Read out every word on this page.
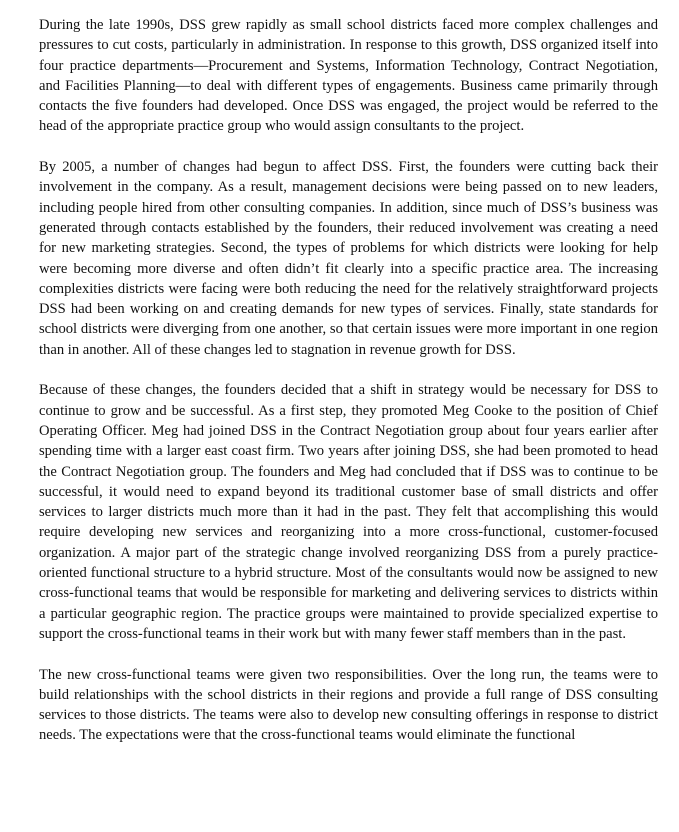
During the late 1990s, DSS grew rapidly as small school districts faced more complex challenges and pressures to cut costs, particularly in administration. In response to this growth, DSS organized itself into four practice departments—Procurement and Systems, Information Technology, Contract Negotiation, and Facilities Planning—to deal with different types of engagements. Business came primarily through contacts the five founders had developed. Once DSS was engaged, the project would be referred to the head of the appropriate practice group who would assign consultants to the project.

By 2005, a number of changes had begun to affect DSS. First, the founders were cutting back their involvement in the company. As a result, management decisions were being passed on to new leaders, including people hired from other consulting companies. In addition, since much of DSS’s business was generated through contacts established by the founders, their reduced involvement was creating a need for new marketing strategies. Second, the types of problems for which districts were looking for help were becoming more diverse and often didn’t fit clearly into a specific practice area. The increasing complexities districts were facing were both reducing the need for the relatively straightforward projects DSS had been working on and creating demands for new types of services. Finally, state standards for school districts were diverging from one another, so that certain issues were more important in one region than in another. All of these changes led to stagnation in revenue growth for DSS.

Because of these changes, the founders decided that a shift in strategy would be necessary for DSS to continue to grow and be successful. As a first step, they promoted Meg Cooke to the position of Chief Operating Officer. Meg had joined DSS in the Contract Negotiation group about four years earlier after spending time with a larger east coast firm. Two years after joining DSS, she had been promoted to head the Contract Negotiation group. The founders and Meg had concluded that if DSS was to continue to be successful, it would need to expand beyond its traditional customer base of small districts and offer services to larger districts much more than it had in the past. They felt that accomplishing this would require developing new services and reorganizing into a more cross-functional, customer-focused organization. A major part of the strategic change involved reorganizing DSS from a purely practice-oriented functional structure to a hybrid structure. Most of the consultants would now be assigned to new cross-functional teams that would be responsible for marketing and delivering services to districts within a particular geographic region. The practice groups were maintained to provide specialized expertise to support the cross-functional teams in their work but with many fewer staff members than in the past.

The new cross-functional teams were given two responsibilities. Over the long run, the teams were to build relationships with the school districts in their regions and provide a full range of DSS consulting services to those districts. The teams were also to develop new consulting offerings in response to district needs. The expectations were that the cross-functional teams would eliminate the functional
